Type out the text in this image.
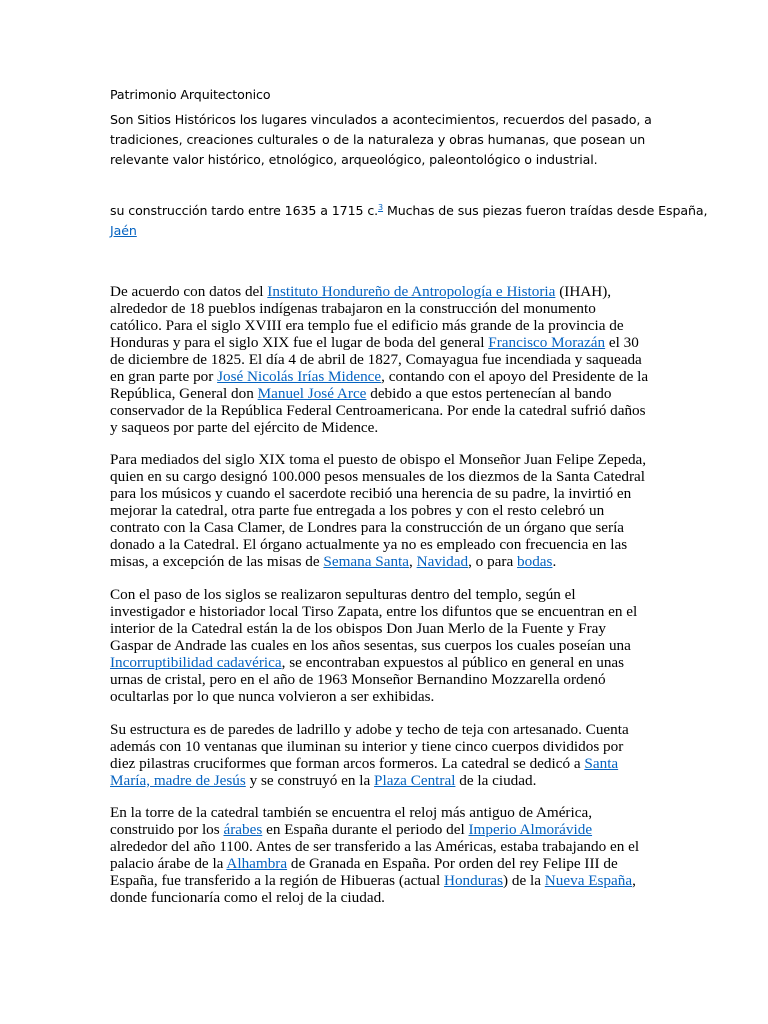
Patrimonio Arquitectonico
Son Sitios Históricos los lugares vinculados a acontecimientos, recuerdos del pasado, a
tradiciones, creaciones culturales o de la naturaleza y obras humanas, que posean un
relevante valor histórico, etnológico, arqueológico, paleontológico o industrial.
su construcción tardo entre 1635 a 1715 c.$^3$ Muchas de sus piezas fueron traídas desde España,
Jaén
De acuerdo con datos del Instituto Hondureño de Antropología e Historia (IHAH),
alrededor de 18 pueblos indígenas trabajaron en la construcción del monumento
católico. Para el siglo XVIII era templo fue el edificio más grande de la provincia de
Honduras y para el siglo XIX fue el lugar de boda del general Francisco Morazán el 30
de diciembre de 1825. El día 4 de abril de 1827, Comayagua fue incendiada y saqueada
en gran parte por José Nicolás Irías Midence, contando con el apoyo del Presidente de la
República, General don Manuel José Arce debido a que estos pertenecían al bando
conservador de la República Federal Centroamericana. Por ende la catedral sufrió daños
y saqueos por parte del ejército de Midence.
Para mediados del siglo XIX toma el puesto de obispo el Monseñor Juan Felipe Zepeda,
quien en su cargo designó 100.000 pesos mensuales de los diezmos de la Santa Catedral
para los músicos y cuando el sacerdote recibió una herencia de su padre, la invirtió en
mejorar la catedral, otra parte fue entregada a los pobres y con el resto celebró un
contrato con la Casa Clamer, de Londres para la construcción de un órgano que sería
donado a la Catedral. El órgano actualmente ya no es empleado con frecuencia en las
misas, a excepción de las misas de Semana Santa, Navidad, o para bodas.
Con el paso de los siglos se realizaron sepulturas dentro del templo, según el
investigador e historiador local Tirso Zapata, entre los difuntos que se encuentran en el
interior de la Catedral están la de los obispos Don Juan Merlo de la Fuente y Fray
Gaspar de Andrade las cuales en los años sesentas, sus cuerpos los cuales poseían una
Incorruptibilidad cadavérica, se encontraban expuestos al público en general en unas
urnas de cristal, pero en el año de 1963 Monseñor Bernandino Mozzarella ordenó
ocultarlas por lo que nunca volvieron a ser exhibidas.
Su estructura es de paredes de ladrillo y adobe y techo de teja con artesanado. Cuenta
además con 10 ventanas que iluminan su interior y tiene cinco cuerpos divididos por
diez pilastras cruciformes que forman arcos formeros. La catedral se dedicó a Santa
María, madre de Jesús y se construyó en la Plaza Central de la ciudad.
En la torre de la catedral también se encuentra el reloj más antiguo de América,
construido por los árabes en España durante el periodo del Imperio Almorávide
alrededor del año 1100. Antes de ser transferido a las Américas, estaba trabajando en el
palacio árabe de la Alhambra de Granada en España. Por orden del rey Felipe III de
España, fue transferido a la región de Hibueras (actual Honduras) de la Nueva España,
donde funcionaría como el reloj de la ciudad.
